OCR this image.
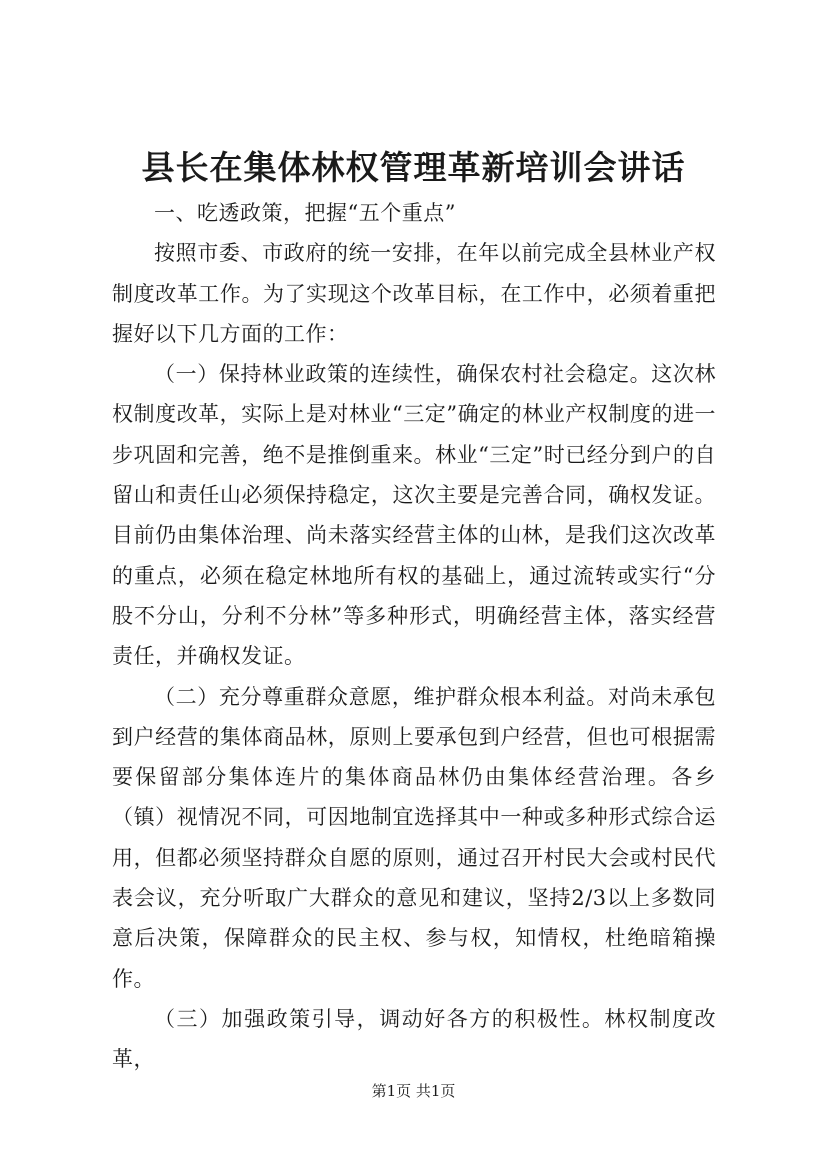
县长在集体林权管理革新培训会讲话

一、吃透政策，把握“五个重点”

按照市委、市政府的统一安排，在年以前完成全县林业产权制度改革工作。为了实现这个改革目标，在工作中，必须着重把握好以下几方面的工作：

（一）保持林业政策的连续性，确保农村社会稳定。这次林权制度改革，实际上是对林业“三定”确定的林业产权制度的进一步巩固和完善，绝不是推倒重来。林业“三定”时已经分到户的自留山和责任山必须保持稳定，这次主要是完善合同，确权发证。目前仍由集体治理、尚未落实经营主体的山林，是我们这次改革的重点，必须在稳定林地所有权的基础上，通过流转或实行“分股不分山，分利不分林”等多种形式，明确经营主体，落实经营责任，并确权发证。

（二）充分尊重群众意愿，维护群众根本利益。对尚未承包到户经营的集体商品林，原则上要承包到户经营，但也可根据需要保留部分集体连片的集体商品林仍由集体经营治理。各乡（镇）视情况不同，可因地制宜选择其中一种或多种形式综合运用，但都必须坚持群众自愿的原则，通过召开村民大会或村民代表会议，充分听取广大群众的意见和建议，坚持2/3以上多数同意后决策，保障群众的民主权、参与权，知情权，杜绝暗箱操作。

（三）加强政策引导，调动好各方的积极性。林权制度改革，

第1页 共1页
